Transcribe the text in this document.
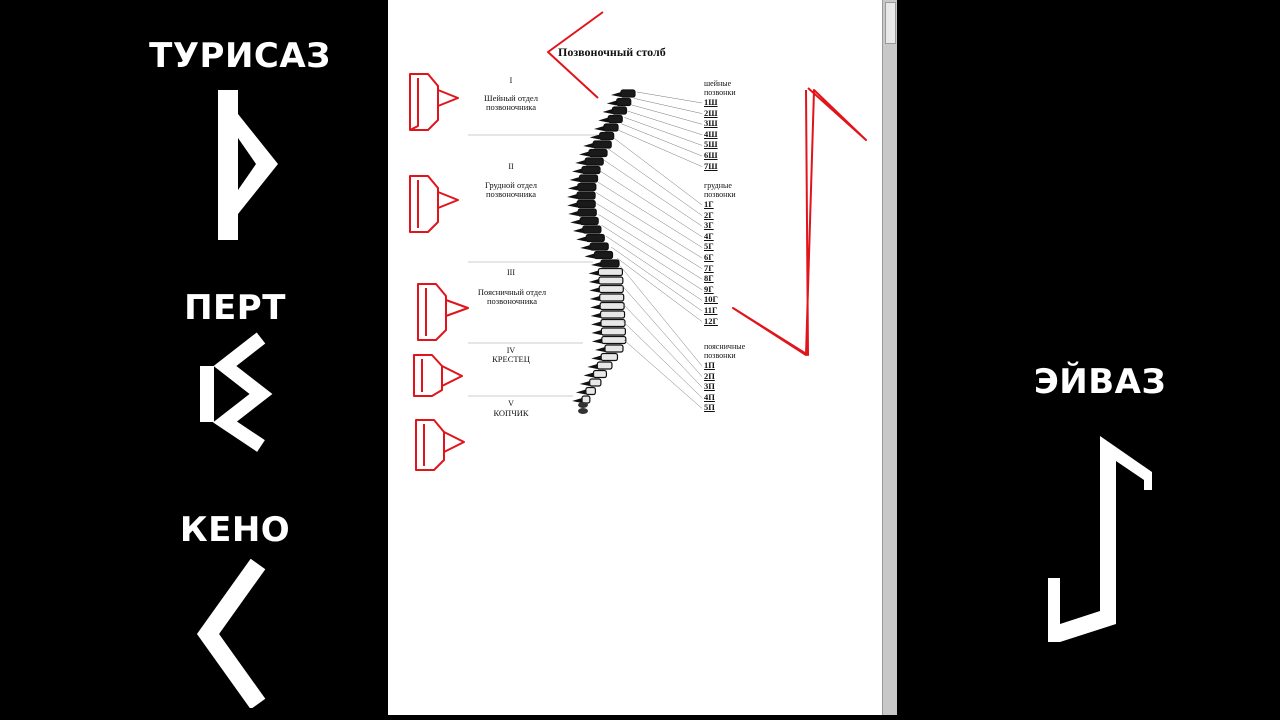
ТУРИСАЗ
ПЕРТ
КЕНО
ЭЙВАЗ
Позвоночный столб
I
Шейный отдел позвоночника
II
Грудной отдел позвоночника
III
Поясничный отдел позвоночника
IV
КРЕСТЕЦ
V
КОПЧИК
шейные позвонки
грудные позвонки
поясничные позвонки
1Ш
2Ш
3Ш
4Ш
5Ш
6Ш
7Ш
1Г
2Г
3Г
4Г
5Г
6Г
7Г
8Г
9Г
10Г
11Г
12Г
1П
2П
3П
4П
5П
